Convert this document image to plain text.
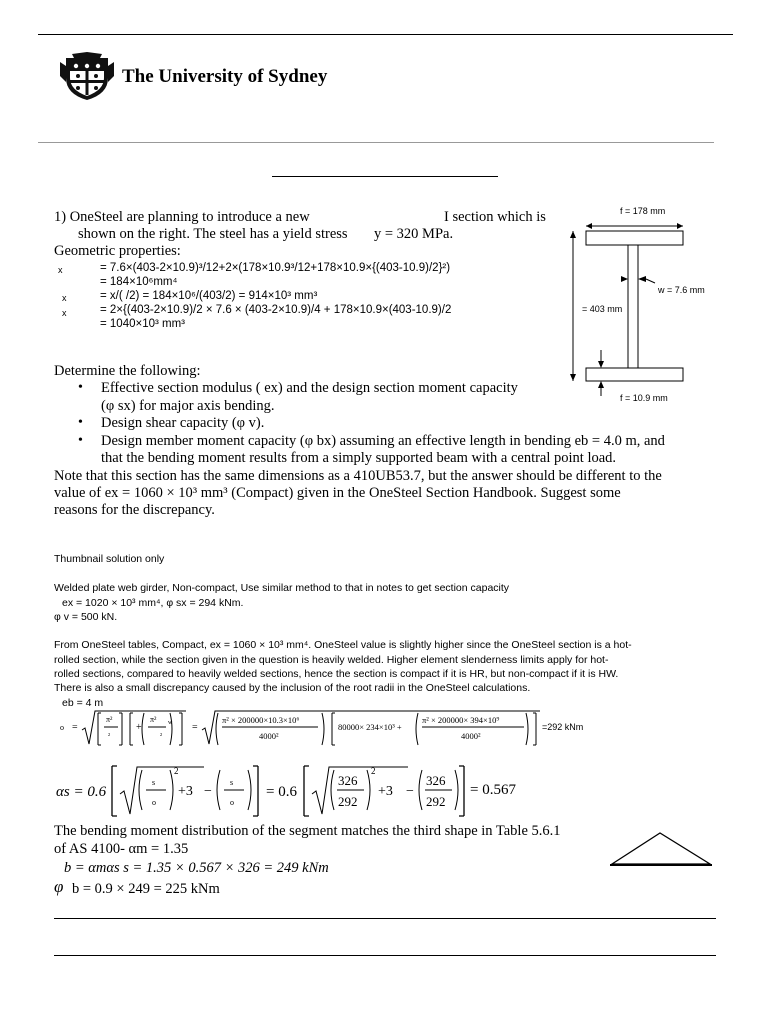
The University of Sydney
1) OneSteel are planning to introduce a new	I section which is
shown on the right. The steel has a yield stress y = 320 MPa.
Geometric properties:
x	= 7.6×(403-2×10.9)³/12+2×(178×10.9³/12+178×10.9×{(403-10.9)/2}²)
= 184×10⁶mm⁴
x	= x/( /2) = 184×10⁶/(403/2) = 914×10³ mm³
x	= 2×{(403-2×10.9)/2 × 7.6 × (403-2×10.9)/4 + 178×10.9×(403-10.9)/2
= 1040×10³ mm³
Determine the following:
• Effective section modulus ( ex) and the design section moment capacity
(φ sx) for major axis bending.
• Design shear capacity (φ v).
• Design member moment capacity (φ bx) assuming an effective length in bending eb = 4.0 m, and
that the bending moment results from a simply supported beam with a central point load.
Note that this section has the same dimensions as a 410UB53.7, but the answer should be different to the
value of ex = 1060 × 10³ mm³ (Compact) given in the OneSteel Section Handbook. Suggest some
reasons for the discrepancy.
f = 178 mm
w = 7.6 mm
= 403 mm
f = 10.9 mm
Thumbnail solution only
Welded plate web girder, Non-compact, Use similar method to that in notes to get section capacity
ex = 1020 × 10³ mm⁴, φ sx = 294 kNm.
φ v = 500 kN.
From OneSteel tables, Compact, ex = 1060 × 10³ mm⁴. OneSteel value is slightly higher since the OneSteel section is a hot-
rolled section, while the section given in the question is heavily welded. Higher element slenderness limits apply for hot-
rolled sections, compared to heavily welded sections, hence the section is compact if it is HR, but non-compact if it is HW.
There is also a small discrepancy caused by the inclusion of the root radii in the OneSteel calculations.
eb = 4 m
o =
π²
²
+
π²
²
w =
π² × 200000×10.3×10⁶
4000²
80000× 234×10³ +
π² × 200000× 394×10⁹
4000²
=292 kNm
αs = 0.6
s
o
2
+3 −
s
o
= 0.6
326
292
2
+3 −
326
292
= 0.567
The bending moment distribution of the segment matches the third shape in Table 5.6.1
of AS 4100- αm = 1.35
b = αmαs s = 1.35 × 0.567 × 326 = 249 kNm
φ b = 0.9 × 249 = 225 kNm
